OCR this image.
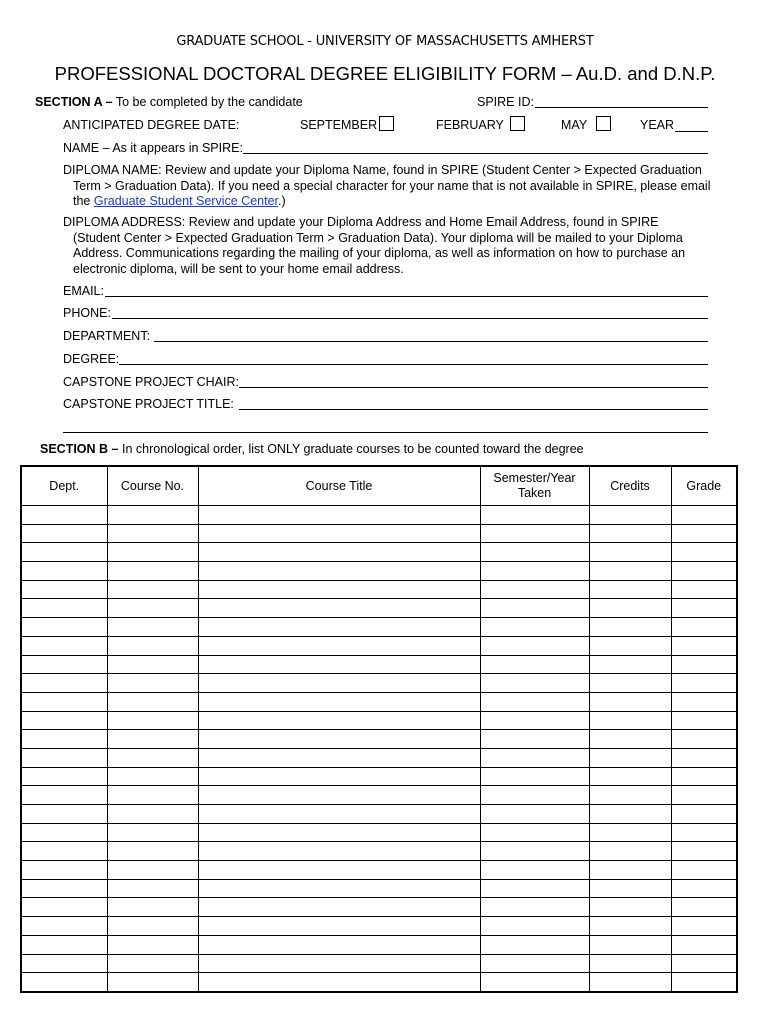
GRADUATE SCHOOL - UNIVERSITY OF MASSACHUSETTS AMHERST
PROFESSIONAL DOCTORAL DEGREE ELIGIBILITY FORM – Au.D. and D.N.P.
SECTION A – To be completed by the candidate	SPIRE ID:
ANTICIPATED DEGREE DATE:	SEPTEMBER	FEBRUARY	MAY	YEAR
NAME – As it appears in SPIRE:
DIPLOMA NAME: Review and update your Diploma Name, found in SPIRE (Student Center > Expected Graduation
Term > Graduation Data). If you need a special character for your name that is not available in SPIRE, please email
the Graduate Student Service Center.)
DIPLOMA ADDRESS: Review and update your Diploma Address and Home Email Address, found in SPIRE
(Student Center > Expected Graduation Term > Graduation Data). Your diploma will be mailed to your Diploma
Address. Communications regarding the mailing of your diploma, as well as information on how to purchase an
electronic diploma, will be sent to your home email address.
EMAIL:
PHONE:
DEPARTMENT:
DEGREE:
CAPSTONE PROJECT CHAIR:
CAPSTONE PROJECT TITLE:
SECTION B – In chronological order, list ONLY graduate courses to be counted toward the degree
Dept.	Course No.	Course Title	Semester/Year
Taken	Credits	Grade
